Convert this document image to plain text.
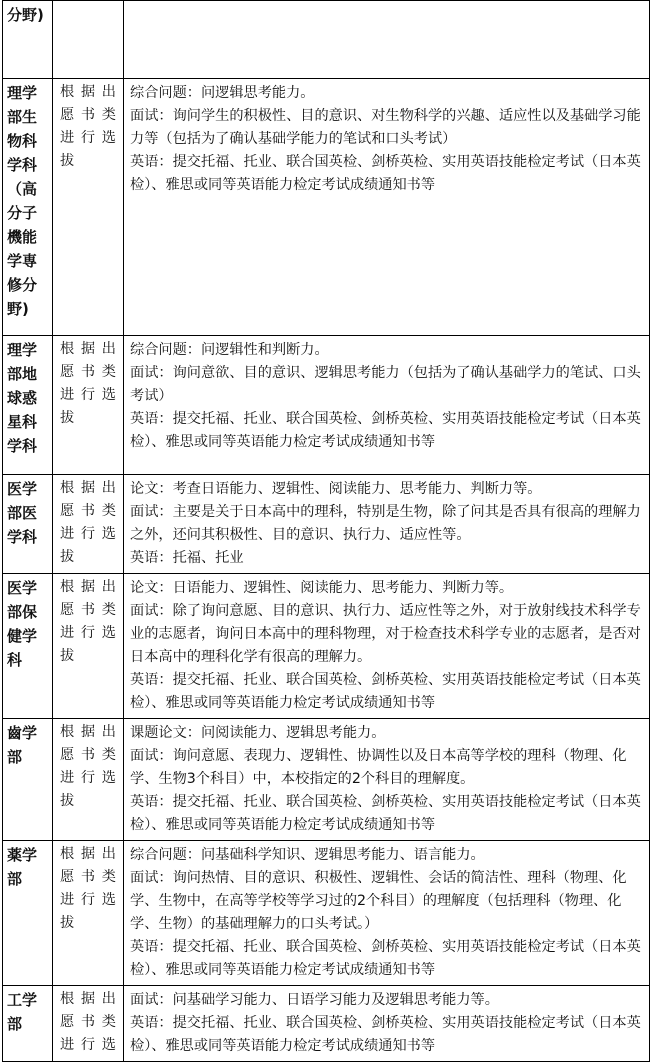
分野)		
理学部生物科学科（高分子機能学専修分野)	根据出愿书类进行选拔	综合问题：问逻辑思考能力。
面试：询问学生的积极性、目的意识、对生物科学的兴趣、适应性以及基础学习能力等（包括为了确认基础学能力的笔试和口头考试）
英语：提交托福、托业、联合国英检、剑桥英检、实用英语技能检定考试（日本英检）、雅思或同等英语能力检定考试成绩通知书等

理学部地球惑星科学科	根据出愿书类进行选拔	综合问题：问逻辑性和判断力。
面试：询问意欲、目的意识、逻辑思考能力（包括为了确认基础学力的笔试、口头考试）
英语：提交托福、托业、联合国英检、剑桥英检、实用英语技能检定考试（日本英检）、雅思或同等英语能力检定考试成绩通知书等

医学部医学科	根据出愿书类进行选拔	论文：考查日语能力、逻辑性、阅读能力、思考能力、判断力等。
面试：主要是关于日本高中的理科，特别是生物，除了问其是否具有很高的理解力之外，还问其积极性、目的意识、执行力、适应性等。
英语：托福、托业

医学部保健学科	根据出愿书类进行选拔	论文：日语能力、逻辑性、阅读能力、思考能力、判断力等。
面试：除了询问意愿、目的意识、执行力、适应性等之外，对于放射线技术科学专业的志愿者，询问日本高中的理科物理，对于检查技术科学专业的志愿者，是否对日本高中的理科化学有很高的理解力。
英语：提交托福、托业、联合国英检、剑桥英检、实用英语技能检定考试（日本英检）、雅思或同等英语能力检定考试成绩通知书等

齒学部	根据出愿书类进行选拔	课题论文：问阅读能力、逻辑思考能力。
面试：询问意愿、表现力、逻辑性、协调性以及日本高等学校的理科（物理、化学、生物3个科目）中，本校指定的2个科目的理解度。
英语：提交托福、托业、联合国英检、剑桥英检、实用英语技能检定考试（日本英检）、雅思或同等英语能力检定考试成绩通知书等

薬学部	根据出愿书类进行选拔	综合问题：问基础科学知识、逻辑思考能力、语言能力。
面试：询问热情、目的意识、积极性、逻辑性、会话的简洁性、理科（物理、化学、生物中，在高等学校等学习过的2个科目）的理解度（包括理科（物理、化学、生物）的基础理解力的口头考试。）
英语：提交托福、托业、联合国英检、剑桥英检、实用英语技能检定考试（日本英检）、雅思或同等英语能力检定考试成绩通知书等

工学部	根据出愿书类进行选	面试：问基础学习能力、日语学习能力及逻辑思考能力等。
英语：提交托福、托业、联合国英检、剑桥英检、实用英语技能检定考试（日本英检）、雅思或同等英语能力检定考试成绩通知书等
